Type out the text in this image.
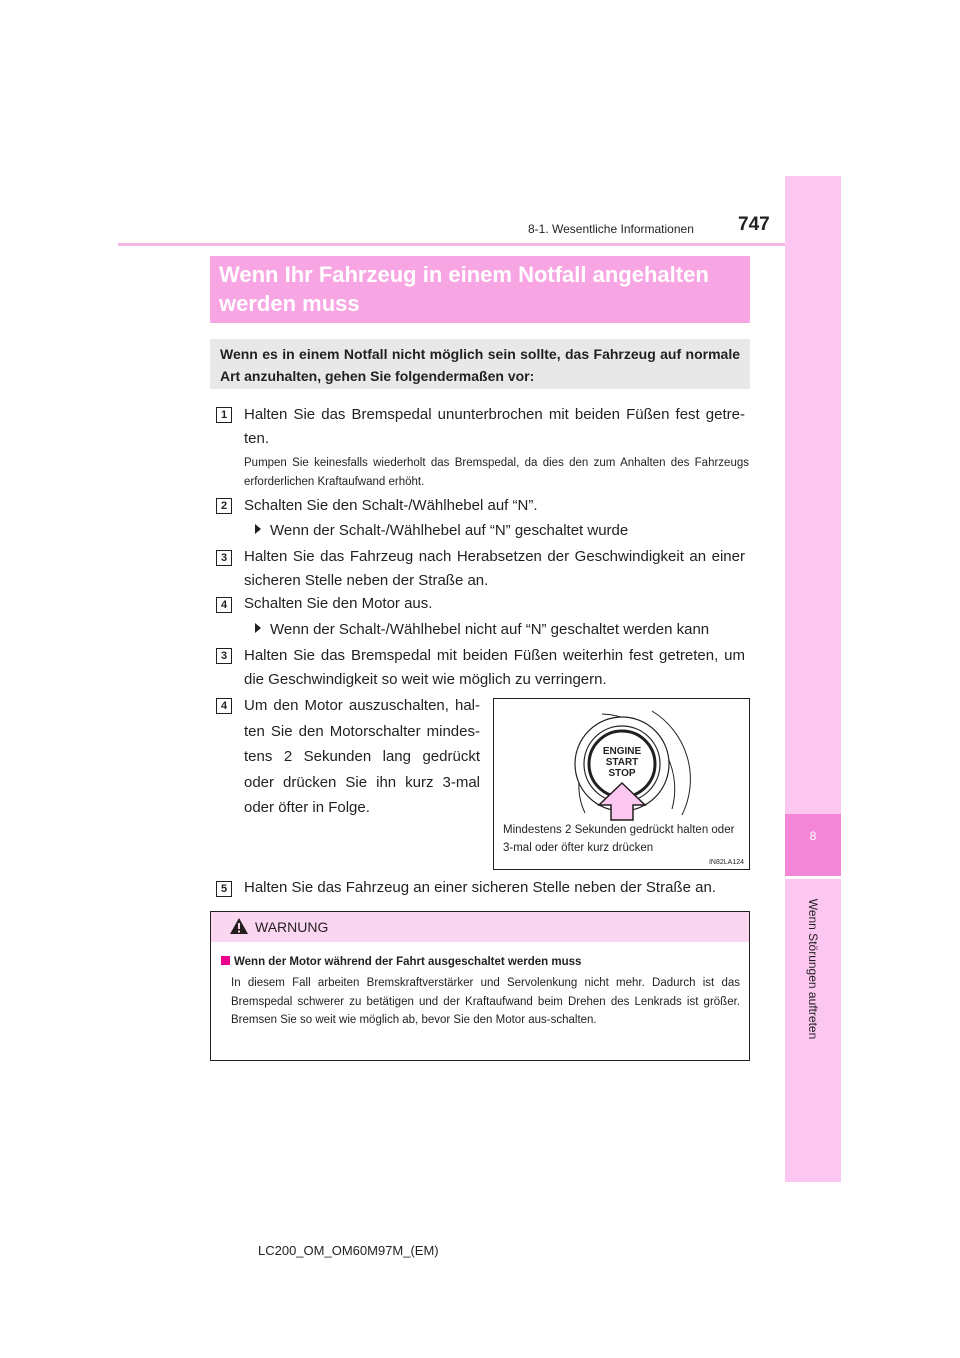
8-1. Wesentliche Informationen 747
8
Wenn Störungen auftreten
Wenn Ihr Fahrzeug in einem Notfall angehalten
werden muss
Wenn es in einem Notfall nicht möglich sein sollte, das Fahrzeug auf normale Art anzuhalten, gehen Sie folgendermaßen vor:
1	Halten Sie das Bremspedal ununterbrochen mit beiden Füßen fest getre-ten.
Pumpen Sie keinesfalls wiederholt das Bremspedal, da dies den zum Anhalten des Fahrzeugs erforderlichen Kraftaufwand erhöht.
2	Schalten Sie den Schalt-/Wählhebel auf “N”.
Wenn der Schalt-/Wählhebel auf “N” geschaltet wurde
3	Halten Sie das Fahrzeug nach Herabsetzen der Geschwindigkeit an einer sicheren Stelle neben der Straße an.
4	Schalten Sie den Motor aus.
Wenn der Schalt-/Wählhebel nicht auf “N” geschaltet werden kann
3	Halten Sie das Bremspedal mit beiden Füßen weiterhin fest getreten, um die Geschwindigkeit so weit wie möglich zu verringern.
4	Um den Motor auszuschalten, hal-ten Sie den Motorschalter mindes-tens 2 Sekunden lang gedrückt oder drücken Sie ihn kurz 3-mal oder öfter in Folge.
ENGINE
START
STOP
Mindestens 2 Sekunden gedrückt halten oder 3-mal oder öfter kurz drücken
IN82LA124
5	Halten Sie das Fahrzeug an einer sicheren Stelle neben der Straße an.
WARNUNG
Wenn der Motor während der Fahrt ausgeschaltet werden muss
In diesem Fall arbeiten Bremskraftverstärker und Servolenkung nicht mehr. Dadurch ist das Bremspedal schwerer zu betätigen und der Kraftaufwand beim Drehen des Lenkrads ist größer. Bremsen Sie so weit wie möglich ab, bevor Sie den Motor aus-schalten.
LC200_OM_OM60M97M_(EM)
